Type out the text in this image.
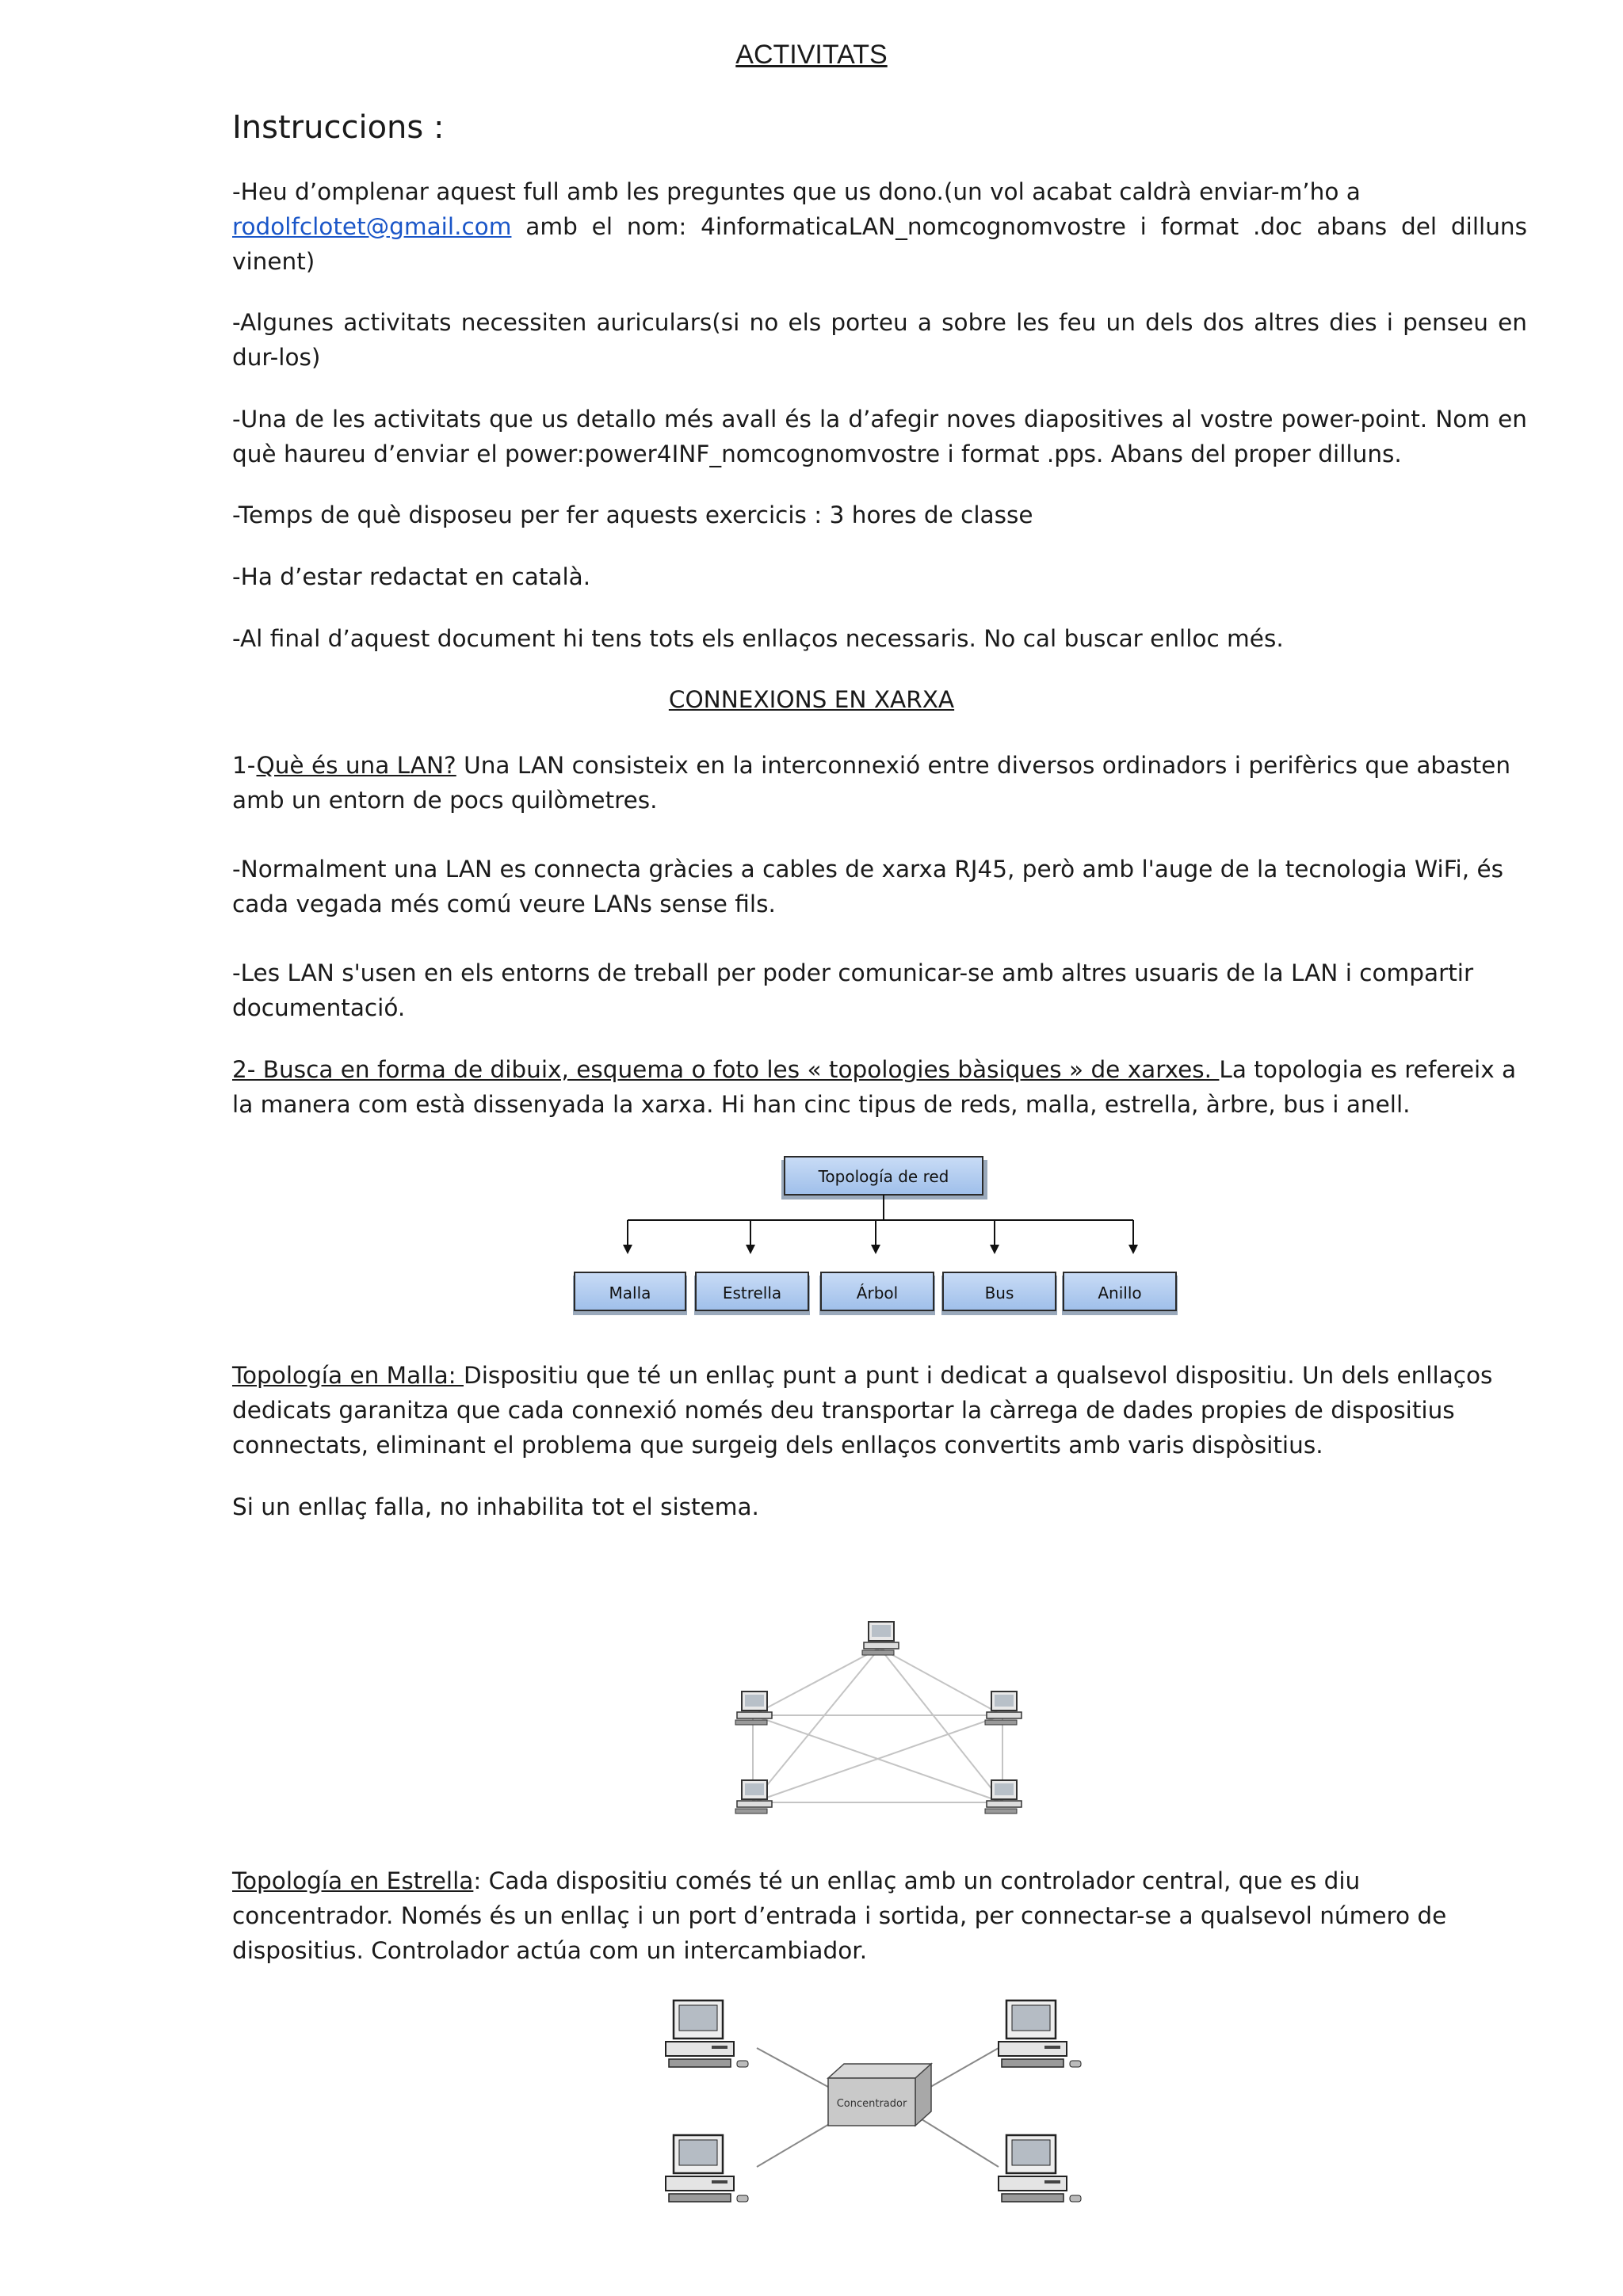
ACTIVITATS
Instruccions :

-Heu d’omplenar aquest full amb les preguntes que us dono.(un vol acabat caldrà enviar-m’ho a
rodolfclotet@gmail.com amb el nom: 4informaticaLAN_nomcognomvostre i format .doc abans del dilluns vinent)

-Algunes activitats necessiten auriculars(si no els porteu a sobre les feu un dels dos altres dies i penseu en dur-los)

-Una de les activitats que us detallo més avall és la d’afegir noves diapositives al vostre power-point. Nom en què haureu d’enviar el power:power4INF_nomcognomvostre i format .pps. Abans del proper dilluns.

-Temps de què disposeu per fer aquests exercicis : 3 hores de classe

-Ha d’estar redactat en català.

-Al final d’aquest document hi tens tots els enllaços necessaris. No cal buscar enlloc més.

CONNEXIONS EN XARXA

1-Què és una LAN? Una LAN consisteix en la interconnexió entre diversos ordinadors i perifèrics que abasten amb un entorn de pocs quilòmetres.

-Normalment una LAN es connecta gràcies a cables de xarxa RJ45, però amb l'auge de la tecnologia WiFi, és cada vegada més comú veure LANs sense fils.

-Les LAN s'usen en els entorns de treball per poder comunicar-se amb altres usuaris de la LAN i compartir documentació.

2- Busca en forma de dibuix, esquema o foto les « topologies bàsiques » de xarxes. La topologia es refereix a la manera com està dissenyada la xarxa. Hi han cinc tipus de reds, malla, estrella, àrbre, bus i anell.

Topología de red
Malla	Estrella	Árbol	Bus	Anillo

Topología en Malla: Dispositiu que té un enllaç punt a punt i dedicat a qualsevol dispositiu. Un dels enllaços dedicats garanitza que cada connexió només deu transportar la càrrega de dades propies de dispositius connectats, eliminant el problema que surgeig dels enllaços convertits amb varis dispòsitius.

Si un enllaç falla, no inhabilita tot el sistema.

Topología en Estrella: Cada dispositiu comés té un enllaç amb un controlador central, que es diu concentrador. Només és un enllaç i un port d’entrada i sortida, per connectar-se a qualsevol número de dispositius. Controlador actúa com un intercambiador.

Concentrador
